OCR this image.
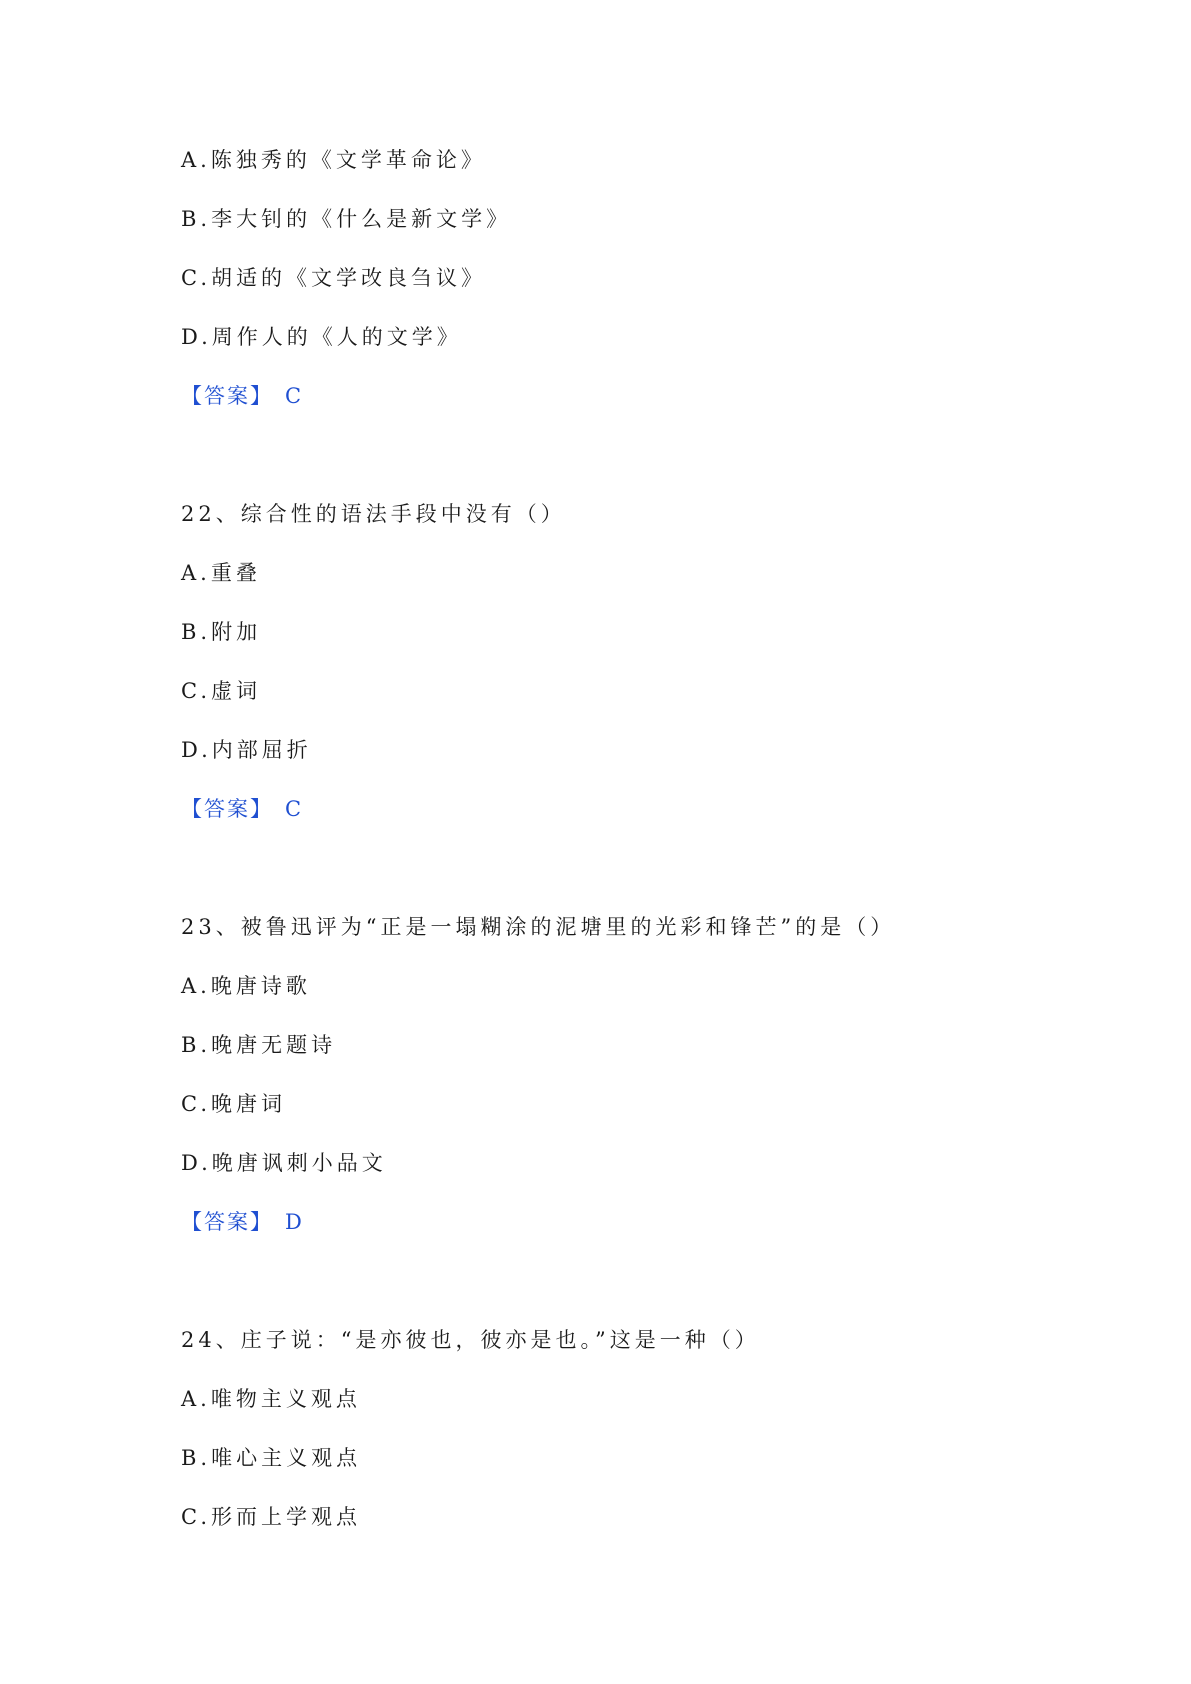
A.陈独秀的《文学革命论》
B.李大钊的《什么是新文学》
C.胡适的《文学改良刍议》
D.周作人的《人的文学》
【答案】 C
22、综合性的语法手段中没有（）
A.重叠
B.附加
C.虚词
D.内部屈折
【答案】 C
23、被鲁迅评为“正是一塌糊涂的泥塘里的光彩和锋芒”的是（）
A.晚唐诗歌
B.晚唐无题诗
C.晚唐词
D.晚唐讽刺小品文
【答案】 D
24、庄子说：“是亦彼也，彼亦是也。”这是一种（）
A.唯物主义观点
B.唯心主义观点
C.形而上学观点
